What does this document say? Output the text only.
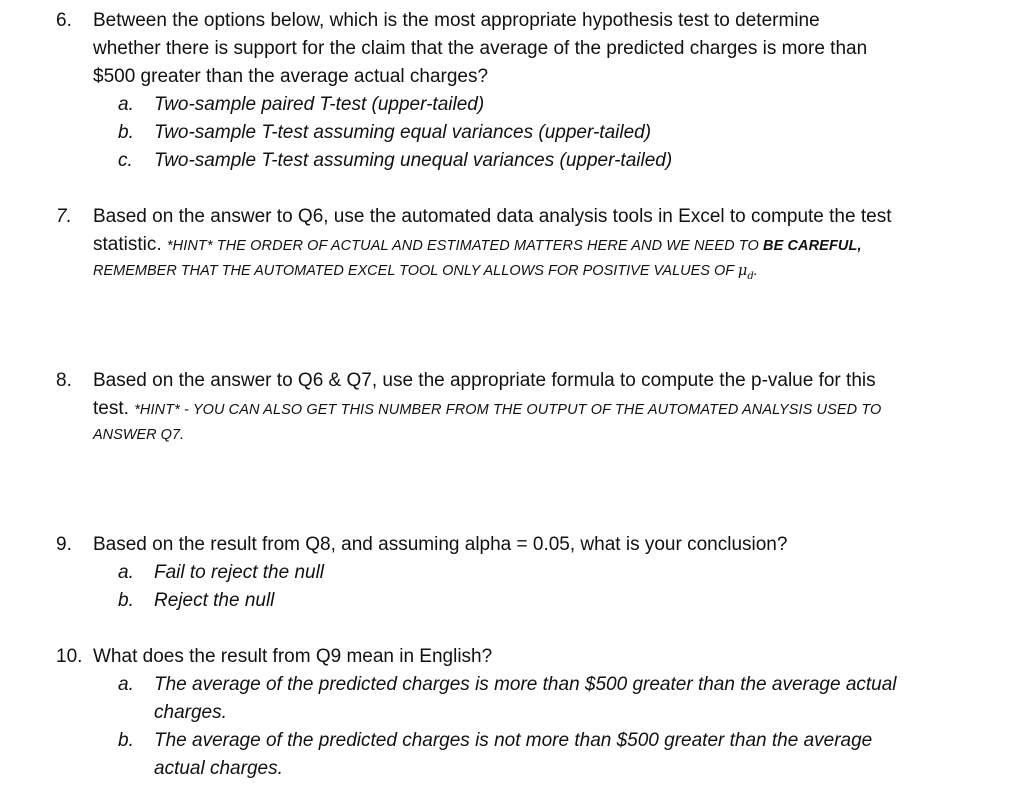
6. Between the options below, which is the most appropriate hypothesis test to determine
whether there is support for the claim that the average of the predicted charges is more than
$500 greater than the average actual charges?
a. Two-sample paired T-test (upper-tailed)
b. Two-sample T-test assuming equal variances (upper-tailed)
c. Two-sample T-test assuming unequal variances (upper-tailed)
7. Based on the answer to Q6, use the automated data analysis tools in Excel to compute the test
statistic. *HINT* THE ORDER OF ACTUAL AND ESTIMATED MATTERS HERE AND WE NEED TO BE CAREFUL,
REMEMBER THAT THE AUTOMATED EXCEL TOOL ONLY ALLOWS FOR POSITIVE VALUES OF $\mu_d$.
8. Based on the answer to Q6 & Q7, use the appropriate formula to compute the p-value for this
test. *HINT* - YOU CAN ALSO GET THIS NUMBER FROM THE OUTPUT OF THE AUTOMATED ANALYSIS USED TO
ANSWER Q7.
9. Based on the result from Q8, and assuming alpha = 0.05, what is your conclusion?
a. Fail to reject the null
b. Reject the null
10. What does the result from Q9 mean in English?
a. The average of the predicted charges is more than $500 greater than the average actual
charges.
b. The average of the predicted charges is not more than $500 greater than the average
actual charges.
